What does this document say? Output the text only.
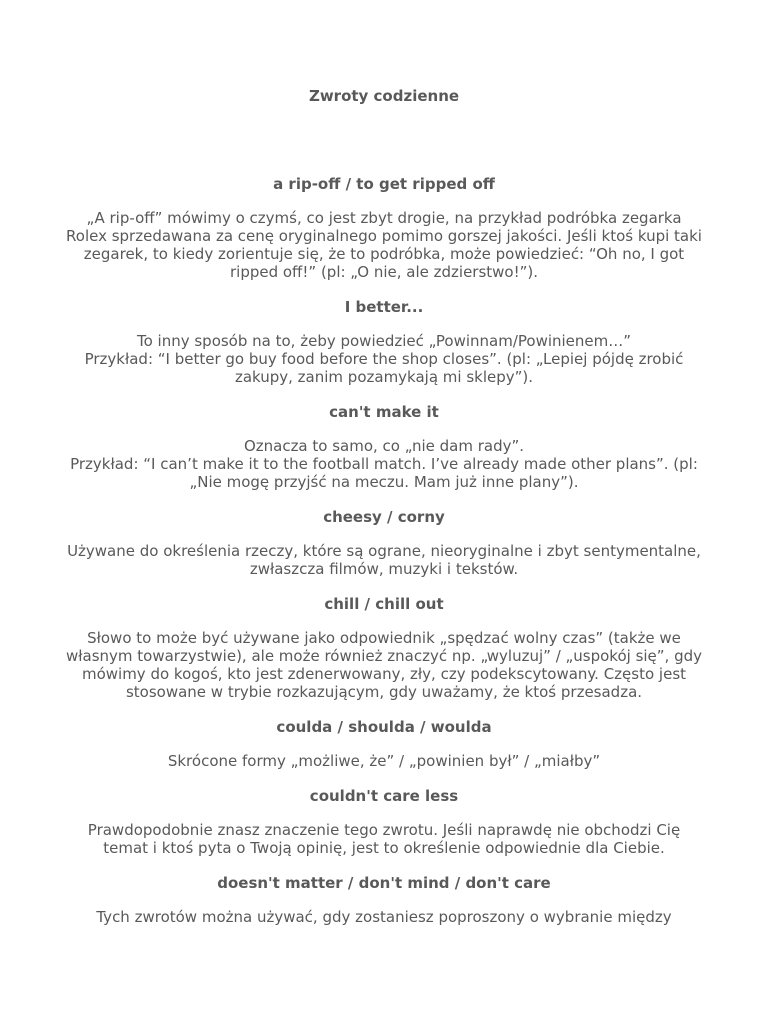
Zwroty codzienne
a rip-off / to get ripped off

„A rip-off” mówimy o czymś, co jest zbyt drogie, na przykład podróbka zegarka Rolex sprzedawana za cenę oryginalnego pomimo gorszej jakości. Jeśli ktoś kupi taki zegarek, to kiedy zorientuje się, że to podróbka, może powiedzieć: “Oh no, I got ripped off!” (pl: „O nie, ale zdzierstwo!”).

I better...

To inny sposób na to, żeby powiedzieć „Powinnam/Powinienem…”

Przykład: “I better go buy food before the shop closes”. (pl: „Lepiej pójdę zrobić zakupy, zanim pozamykają mi sklepy”).

can't make it

Oznacza to samo, co „nie dam rady”.

Przykład: “I can’t make it to the football match. I’ve already made other plans”. (pl: „Nie mogę przyjść na meczu. Mam już inne plany”).

cheesy / corny

Używane do określenia rzeczy, które są ograne, nieoryginalne i zbyt sentymentalne, zwłaszcza filmów, muzyki i tekstów.

chill / chill out

Słowo to może być używane jako odpowiednik „spędzać wolny czas” (także we własnym towarzystwie), ale może również znaczyć np. „wyluzuj” / „uspokój się”, gdy mówimy do kogoś, kto jest zdenerwowany, zły, czy podekscytowany. Często jest stosowane w trybie rozkazującym, gdy uważamy, że ktoś przesadza.

coulda / shoulda / woulda

Skrócone formy „możliwe, że” / „powinien był” / „miałby”

couldn't care less

Prawdopodobnie znasz znaczenie tego zwrotu. Jeśli naprawdę nie obchodzi Cię temat i ktoś pyta o Twoją opinię, jest to określenie odpowiednie dla Ciebie.

doesn't matter / don't mind / don't care

Tych zwrotów można używać, gdy zostaniesz poproszony o wybranie między
